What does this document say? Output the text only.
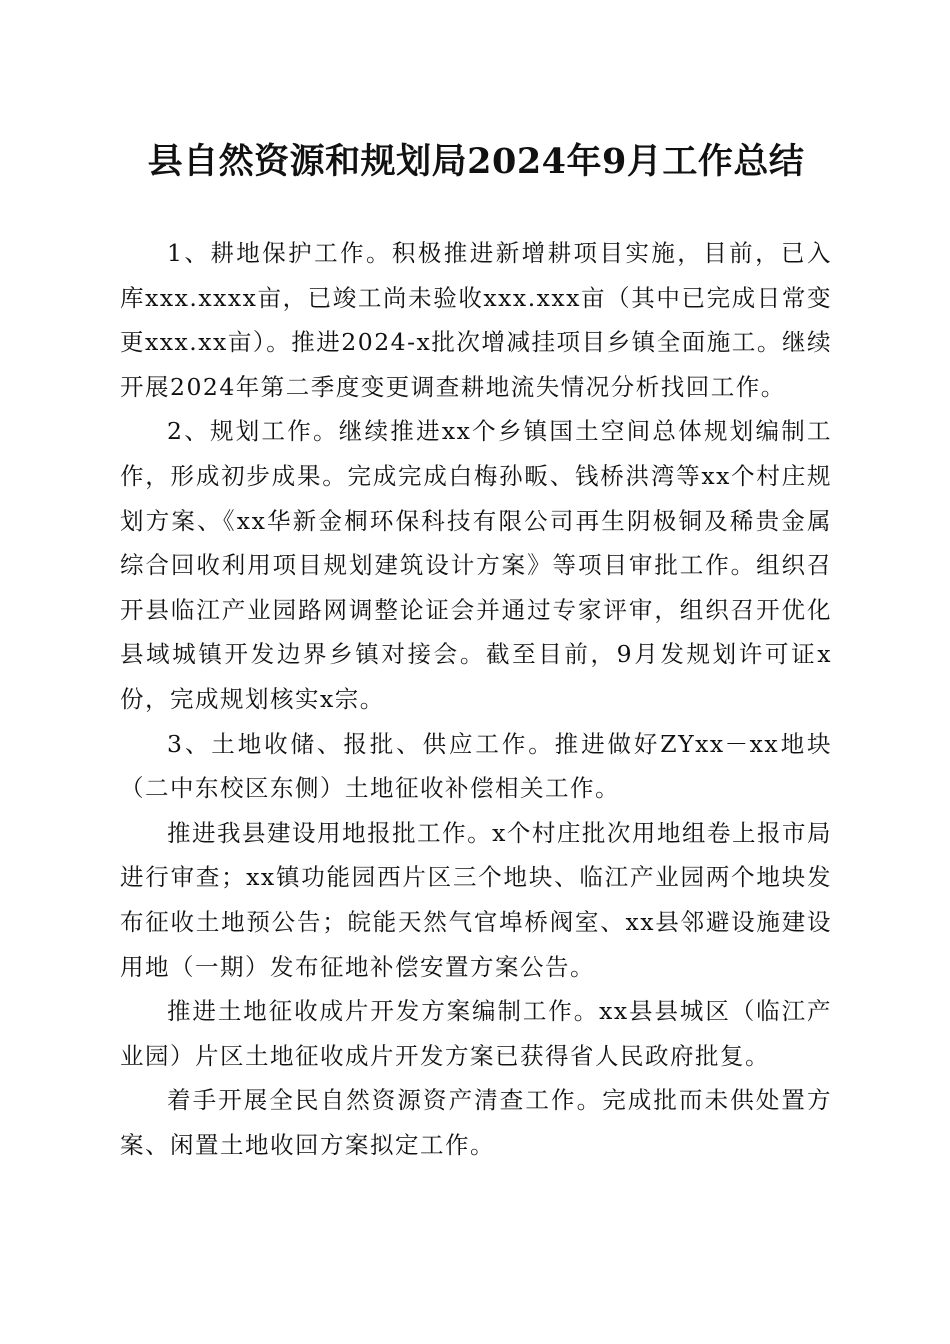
县自然资源和规划局2024年9月工作总结

1、耕地保护工作。积极推进新增耕项目实施，目前，已入库xxx.xxxx亩，已竣工尚未验收xxx.xxx亩（其中已完成日常变更xxx.xx亩）。推进2024-x批次增减挂项目乡镇全面施工。继续开展2024年第二季度变更调查耕地流失情况分析找回工作。

2、规划工作。继续推进xx个乡镇国土空间总体规划编制工作，形成初步成果。完成完成白梅孙畈、钱桥洪湾等xx个村庄规划方案、《xx华新金桐环保科技有限公司再生阴极铜及稀贵金属综合回收利用项目规划建筑设计方案》等项目审批工作。组织召开县临江产业园路网调整论证会并通过专家评审，组织召开优化县域城镇开发边界乡镇对接会。截至目前，9月发规划许可证x份，完成规划核实x宗。

3、土地收储、报批、供应工作。推进做好ZYxx－xx地块（二中东校区东侧）土地征收补偿相关工作。

推进我县建设用地报批工作。x个村庄批次用地组卷上报市局进行审查；xx镇功能园西片区三个地块、临江产业园两个地块发布征收土地预公告；皖能天然气官埠桥阀室、xx县邻避设施建设用地（一期）发布征地补偿安置方案公告。

推进土地征收成片开发方案编制工作。xx县县城区（临江产业园）片区土地征收成片开发方案已获得省人民政府批复。

着手开展全民自然资源资产清查工作。完成批而未供处置方案、闲置土地收回方案拟定工作。
